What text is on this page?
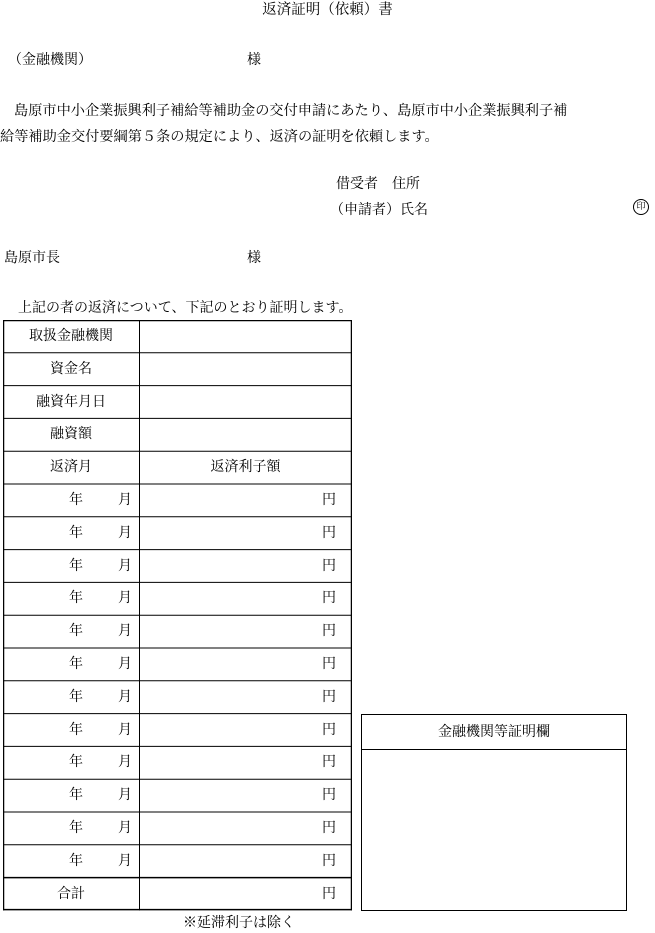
返済証明（依頼）書
（金融機関）	様
島原市中小企業振興利子補給等補助金の交付申請にあたり、島原市中小企業振興利子補
給等補助金交付要綱第５条の規定により、返済の証明を依頼します。
借受者　住所
（申請者）氏名	印
島原市長	様
上記の者の返済について、下記のとおり証明します。
取扱金融機関
資金名
融資年月日
融資額
返済月	返済利子額
年	月	円
年	月	円
年	月	円
年	月	円
年	月	円
年	月	円
年	月	円
年	月	円
年	月	円
年	月	円
年	月	円
年	月	円
合計	円
金融機関等証明欄
※延滞利子は除く
